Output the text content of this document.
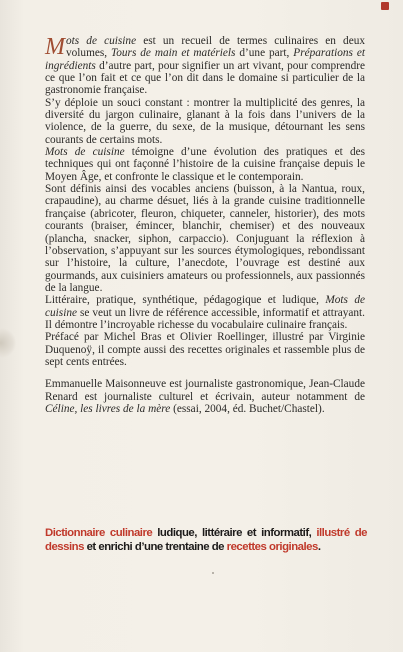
Mots de cuisine est un recueil de termes culinaires en deux volumes, Tours de main et matériels d’une part, Préparations et ingrédients d’autre part, pour signifier un art vivant, pour comprendre ce que l’on fait et ce que l’on dit dans le domaine si particulier de la gastronomie française.

S’y déploie un souci constant : montrer la multiplicité des genres, la diversité du jargon culinaire, glanant à la fois dans l’univers de la violence, de la guerre, du sexe, de la musique, détournant les sens courants de certains mots.

Mots de cuisine témoigne d’une évolution des pratiques et des techniques qui ont façonné l’histoire de la cuisine française depuis le Moyen Âge, et confronte le classique et le contemporain.

Sont définis ainsi des vocables anciens (buisson, à la Nantua, roux, crapaudine), au charme désuet, liés à la grande cuisine traditionnelle française (abricoter, fleuron, chiqueter, canneler, historier), des mots courants (braiser, émincer, blanchir, chemiser) et des nouveaux (plancha, snacker, siphon, carpaccio). Conjuguant la réflexion à l’observation, s’appuyant sur les sources étymologiques, rebondissant sur l’histoire, la culture, l’anecdote, l’ouvrage est destiné aux gourmands, aux cuisiniers amateurs ou professionnels, aux passionnés de la langue.

Littéraire, pratique, synthétique, pédagogique et ludique, Mots de cuisine se veut un livre de référence accessible, informatif et attrayant. Il démontre l’incroyable richesse du vocabulaire culinaire français.

Préfacé par Michel Bras et Olivier Roellinger, illustré par Virginie Duquenoÿ, il compte aussi des recettes originales et rassemble plus de sept cents entrées.

Emmanuelle Maisonneuve est journaliste gastronomique, Jean-Claude Renard est journaliste culturel et écrivain, auteur notamment de Céline, les livres de la mère (essai, 2004, éd. Buchet/Chastel).

Dictionnaire culinaire ludique, littéraire et informatif, illustré de dessins et enrichi d’une trentaine de recettes originales.
